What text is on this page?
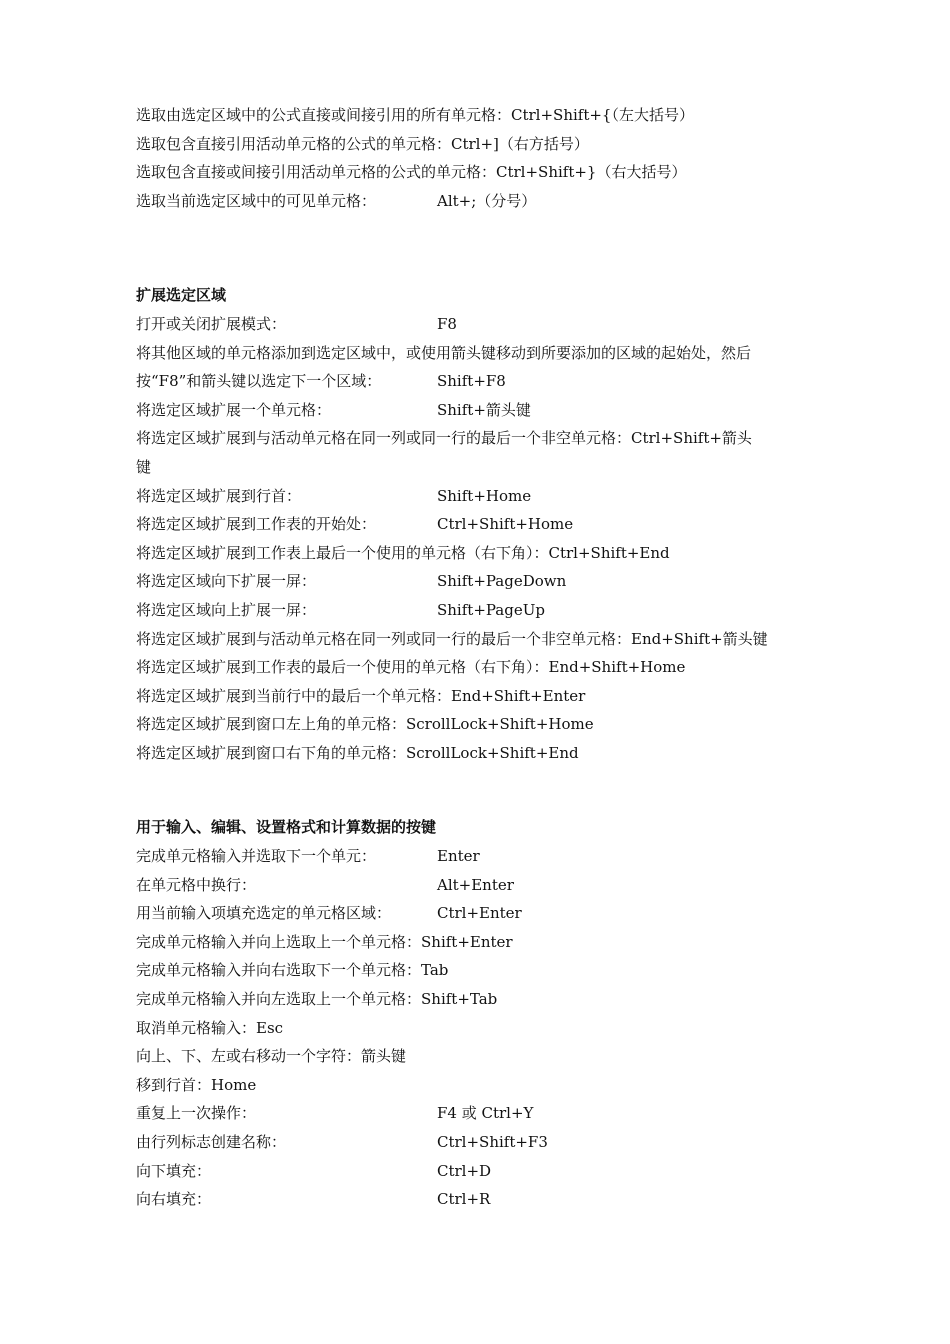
选取由选定区域中的公式直接或间接引用的所有单元格：Ctrl+Shift+{（左大括号）
选取包含直接引用活动单元格的公式的单元格：Ctrl+]（右方括号）
选取包含直接或间接引用活动单元格的公式的单元格：Ctrl+Shift+}（右大括号）
选取当前选定区域中的可见单元格：	Alt+;（分号）
扩展选定区域
打开或关闭扩展模式：	F8
将其他区域的单元格添加到选定区域中，或使用箭头键移动到所要添加的区域的起始处，然后
按“F8”和箭头键以选定下一个区域：	Shift+F8
将选定区域扩展一个单元格：	Shift+箭头键
将选定区域扩展到与活动单元格在同一列或同一行的最后一个非空单元格：Ctrl+Shift+箭头
键
将选定区域扩展到行首：	Shift+Home
将选定区域扩展到工作表的开始处：	Ctrl+Shift+Home
将选定区域扩展到工作表上最后一个使用的单元格（右下角）：Ctrl+Shift+End
将选定区域向下扩展一屏：	Shift+PageDown
将选定区域向上扩展一屏：	Shift+PageUp
将选定区域扩展到与活动单元格在同一列或同一行的最后一个非空单元格：End+Shift+箭头键
将选定区域扩展到工作表的最后一个使用的单元格（右下角）：End+Shift+Home
将选定区域扩展到当前行中的最后一个单元格：End+Shift+Enter
将选定区域扩展到窗口左上角的单元格：ScrollLock+Shift+Home
将选定区域扩展到窗口右下角的单元格：ScrollLock+Shift+End
用于输入、编辑、设置格式和计算数据的按键
完成单元格输入并选取下一个单元：	Enter
在单元格中换行：	Alt+Enter
用当前输入项填充选定的单元格区域：	Ctrl+Enter
完成单元格输入并向上选取上一个单元格：Shift+Enter
完成单元格输入并向右选取下一个单元格：Tab
完成单元格输入并向左选取上一个单元格：Shift+Tab
取消单元格输入：Esc
向上、下、左或右移动一个字符：箭头键
移到行首：Home
重复上一次操作：	F4 或 Ctrl+Y
由行列标志创建名称：	Ctrl+Shift+F3
向下填充：	Ctrl+D
向右填充：	Ctrl+R
